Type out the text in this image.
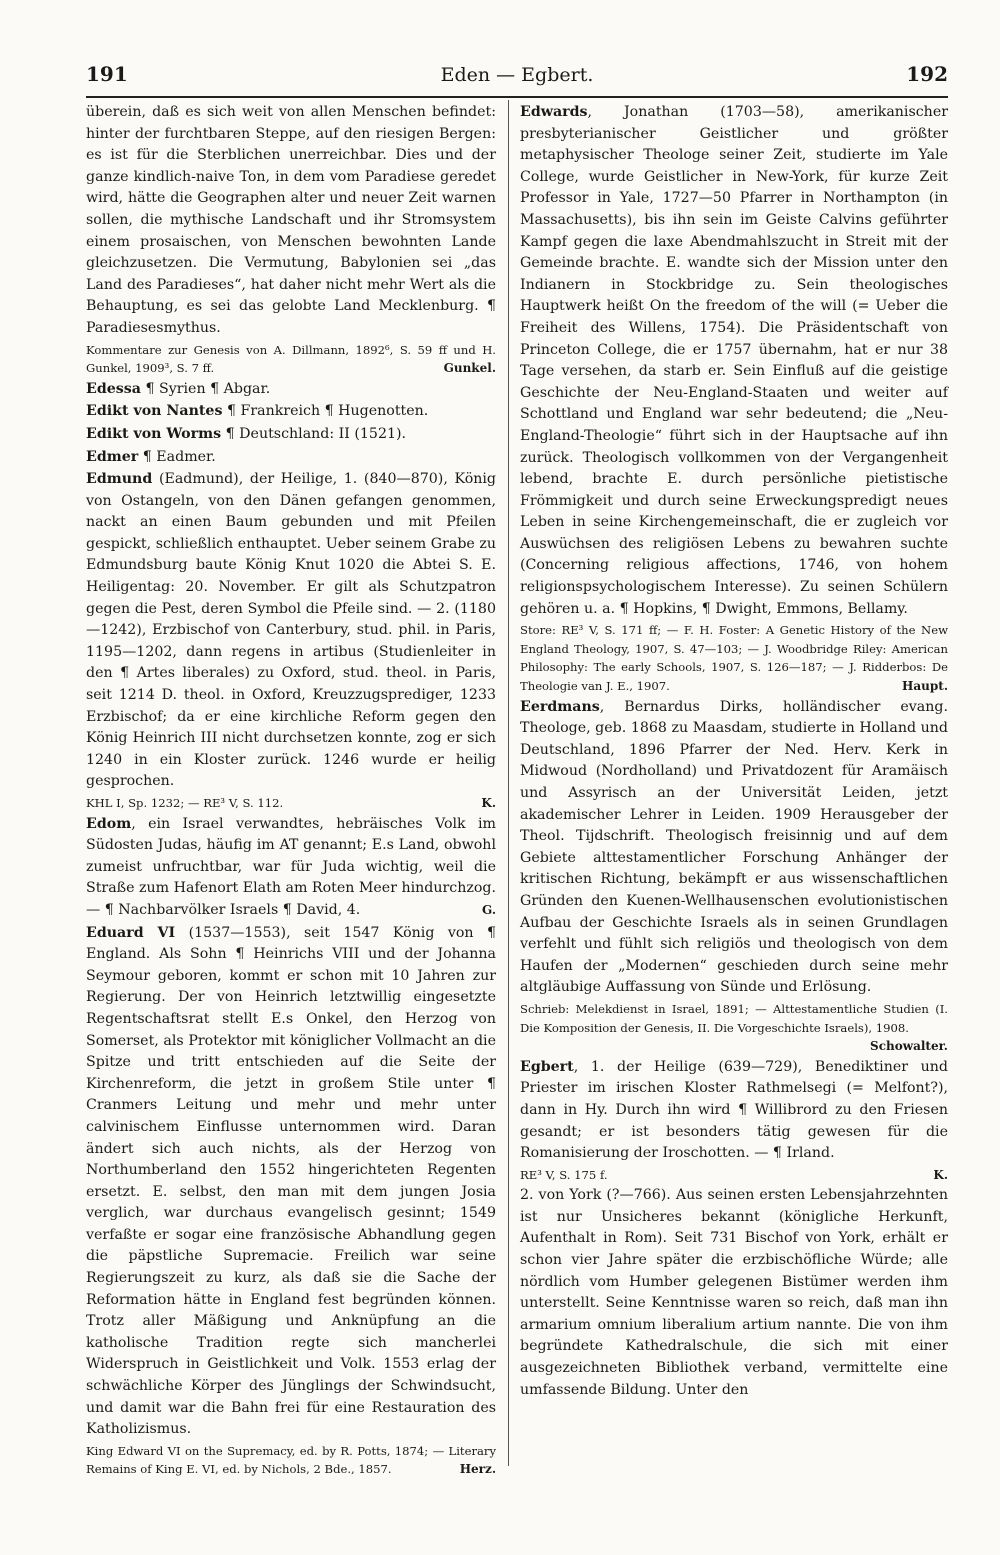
191	Eden — Egbert.	192

überein, daß es sich weit von allen Menschen befindet: hinter der furchtbaren Steppe, auf den riesigen Bergen: es ist für die Sterblichen unerreichbar. Dies und der ganze kindlich-naive Ton, in dem vom Paradiese geredet wird, hätte die Geographen alter und neuer Zeit warnen sollen, die mythische Landschaft und ihr Stromsystem einem prosaischen, von Menschen bewohnten Lande gleichzusetzen. Die Vermutung, Babylonien sei „das Land des Paradieses“, hat daher nicht mehr Wert als die Behauptung, es sei das gelobte Land Mecklenburg. ¶ Paradiesesmythus.

Kommentare zur Genesis von A. Dillmann, 1892⁶, S. 59 ff und H. Gunkel, 1909³, S. 7 ff.	Gunkel.

Edessa ¶ Syrien ¶ Abgar.

Edikt von Nantes ¶ Frankreich ¶ Hugenotten.

Edikt von Worms ¶ Deutschland: II (1521).

Edmer ¶ Eadmer.

Edmund (Eadmund), der Heilige, 1. (840—870), König von Ostangeln, von den Dänen gefangen genommen, nackt an einen Baum gebunden und mit Pfeilen gespickt, schließlich enthauptet. Ueber seinem Grabe zu Edmundsburg baute König Knut 1020 die Abtei S. E. Heiligentag: 20. November. Er gilt als Schutzpatron gegen die Pest, deren Symbol die Pfeile sind. — 2. (1180—1242), Erzbischof von Canterbury, stud. phil. in Paris, 1195—1202, dann regens in artibus (Studienleiter in den ¶ Artes liberales) zu Oxford, stud. theol. in Paris, seit 1214 D. theol. in Oxford, Kreuzzugsprediger, 1233 Erzbischof; da er eine kirchliche Reform gegen den König Heinrich III nicht durchsetzen konnte, zog er sich 1240 in ein Kloster zurück. 1246 wurde er heilig gesprochen.

KHL I, Sp. 1232; — RE³ V, S. 112.	K.

Edom, ein Israel verwandtes, hebräisches Volk im Südosten Judas, häufig im AT genannt; E.s Land, obwohl zumeist unfruchtbar, war für Juda wichtig, weil die Straße zum Hafenort Elath am Roten Meer hindurchzog. — ¶ Nachbarvölker Israels ¶ David, 4.	G.

Eduard VI (1537—1553), seit 1547 König von ¶ England. Als Sohn ¶ Heinrichs VIII und der Johanna Seymour geboren, kommt er schon mit 10 Jahren zur Regierung. Der von Heinrich letztwillig eingesetzte Regentschaftsrat stellt E.s Onkel, den Herzog von Somerset, als Protektor mit königlicher Vollmacht an die Spitze und tritt entschieden auf die Seite der Kirchenreform, die jetzt in großem Stile unter ¶ Cranmers Leitung und mehr und mehr unter calvinischem Einflusse unternommen wird. Daran ändert sich auch nichts, als der Herzog von Northumberland den 1552 hingerichteten Regenten ersetzt. E. selbst, den man mit dem jungen Josia verglich, war durchaus evangelisch gesinnt; 1549 verfaßte er sogar eine französische Abhandlung gegen die päpstliche Supremacie. Freilich war seine Regierungszeit zu kurz, als daß sie die Sache der Reformation hätte in England fest begründen können. Trotz aller Mäßigung und Anknüpfung an die katholische Tradition regte sich mancherlei Widerspruch in Geistlichkeit und Volk. 1553 erlag der schwächliche Körper des Jünglings der Schwindsucht, und damit war die Bahn frei für eine Restauration des Katholizismus.

King Edward VI on the Supremacy, ed. by R. Potts, 1874; — Literary Remains of King E. VI, ed. by Nichols, 2 Bde., 1857.	Herz.

Edwards, Jonathan (1703—58), amerikanischer presbyterianischer Geistlicher und größter metaphysischer Theologe seiner Zeit, studierte im Yale College, wurde Geistlicher in New-York, für kurze Zeit Professor in Yale, 1727—50 Pfarrer in Northampton (in Massachusetts), bis ihn sein im Geiste Calvins geführter Kampf gegen die laxe Abendmahlszucht in Streit mit der Gemeinde brachte. E. wandte sich der Mission unter den Indianern in Stockbridge zu. Sein theologisches Hauptwerk heißt On the freedom of the will (= Ueber die Freiheit des Willens, 1754). Die Präsidentschaft von Princeton College, die er 1757 übernahm, hat er nur 38 Tage versehen, da starb er. Sein Einfluß auf die geistige Geschichte der Neu-England-Staaten und weiter auf Schottland und England war sehr bedeutend; die „Neu-England-Theologie“ führt sich in der Hauptsache auf ihn zurück. Theologisch vollkommen von der Vergangenheit lebend, brachte E. durch persönliche pietistische Frömmigkeit und durch seine Erweckungspredigt neues Leben in seine Kirchengemeinschaft, die er zugleich vor Auswüchsen des religiösen Lebens zu bewahren suchte (Concerning religious affections, 1746, von hohem religionspsychologischem Interesse). Zu seinen Schülern gehören u. a. ¶ Hopkins, ¶ Dwight, Emmons, Bellamy.

Store: RE³ V, S. 171 ff; — F. H. Foster: A Genetic History of the New England Theology, 1907, S. 47—103; — J. Woodbridge Riley: American Philosophy: The early Schools, 1907, S. 126—187; — J. Ridderbos: De Theologie van J. E., 1907.	Haupt.

Eerdmans, Bernardus Dirks, holländischer evang. Theologe, geb. 1868 zu Maasdam, studierte in Holland und Deutschland, 1896 Pfarrer der Ned. Herv. Kerk in Midwoud (Nordholland) und Privatdozent für Aramäisch und Assyrisch an der Universität Leiden, jetzt akademischer Lehrer in Leiden. 1909 Herausgeber der Theol. Tijdschrift. Theologisch freisinnig und auf dem Gebiete alttestamentlicher Forschung Anhänger der kritischen Richtung, bekämpft er aus wissenschaftlichen Gründen den Kuenen-Wellhausenschen evolutionistischen Aufbau der Geschichte Israels als in seinen Grundlagen verfehlt und fühlt sich religiös und theologisch von dem Haufen der „Modernen“ geschieden durch seine mehr altgläubige Auffassung von Sünde und Erlösung.

Schrieb: Melekdienst in Israel, 1891; — Alttestamentliche Studien (I. Die Komposition der Genesis, II. Die Vorgeschichte Israels), 1908.
Schowalter.

Egbert, 1. der Heilige (639—729), Benediktiner und Priester im irischen Kloster Rathmelsegi (= Melfont?), dann in Hy. Durch ihn wird ¶ Willibrord zu den Friesen gesandt; er ist besonders tätig gewesen für die Romanisierung der Iroschotten. — ¶ Irland.

RE³ V, S. 175 f.	K.

2. von York (?—766). Aus seinen ersten Lebensjahrzehnten ist nur Unsicheres bekannt (königliche Herkunft, Aufenthalt in Rom). Seit 731 Bischof von York, erhält er schon vier Jahre später die erzbischöfliche Würde; alle nördlich vom Humber gelegenen Bistümer werden ihm unterstellt. Seine Kenntnisse waren so reich, daß man ihn armarium omnium liberalium artium nannte. Die von ihm begründete Kathedralschule, die sich mit einer ausgezeichneten Bibliothek verband, vermittelte eine umfassende Bildung. Unter den
